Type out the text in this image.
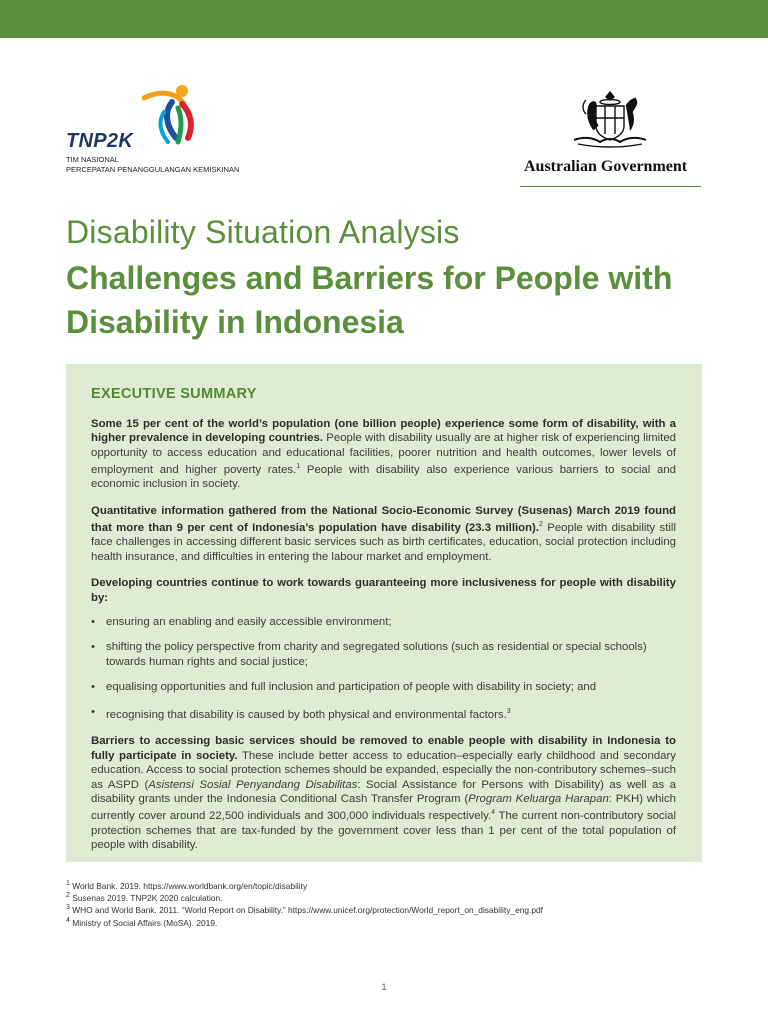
TNP2K
TIM NASIONAL
PERCEPATAN PENANGGULANGAN KEMISKINAN	Australian Government
Disability Situation Analysis
Challenges and Barriers for People with Disability in Indonesia
EXECUTIVE SUMMARY

Some 15 per cent of the world’s population (one billion people) experience some form of disability, with a higher prevalence in developing countries. People with disability usually are at higher risk of experiencing limited opportunity to access education and educational facilities, poorer nutrition and health outcomes, lower levels of employment and higher poverty rates.$^1$ People with disability also experience various barriers to social and economic inclusion in society.

Quantitative information gathered from the National Socio-Economic Survey (Susenas) March 2019 found that more than 9 per cent of Indonesia’s population have disability (23.3 million).$^2$ People with disability still face challenges in accessing different basic services such as birth certificates, education, social protection including health insurance, and difficulties in entering the labour market and employment.

Developing countries continue to work towards guaranteeing more inclusiveness for people with disability by:

• ensuring an enabling and easily accessible environment;
• shifting the policy perspective from charity and segregated solutions (such as residential or special schools) towards human rights and social justice;
• equalising opportunities and full inclusion and participation of people with disability in society; and
• recognising that disability is caused by both physical and environmental factors.$^3$

Barriers to accessing basic services should be removed to enable people with disability in Indonesia to fully participate in society. These include better access to education–especially early childhood and secondary education. Access to social protection schemes should be expanded, especially the non-contributory schemes–such as ASPD (Asistensi Sosial Penyandang Disabilitas: Social Assistance for Persons with Disability) as well as a disability grants under the Indonesia Conditional Cash Transfer Program (Program Keluarga Harapan: PKH) which currently cover around 22,500 individuals and 300,000 individuals respectively.$^4$ The current non-contributory social protection schemes that are tax-funded by the government cover less than 1 per cent of the total population of people with disability.

$^1$ World Bank. 2019. https://www.worldbank.org/en/topic/disability
$^2$ Susenas 2019. TNP2K 2020 calculation.
$^3$ WHO and World Bank. 2011. “World Report on Disability.” https://www.unicef.org/protection/World_report_on_disability_eng.pdf
$^4$ Ministry of Social Affairs (MoSA). 2019.
1
